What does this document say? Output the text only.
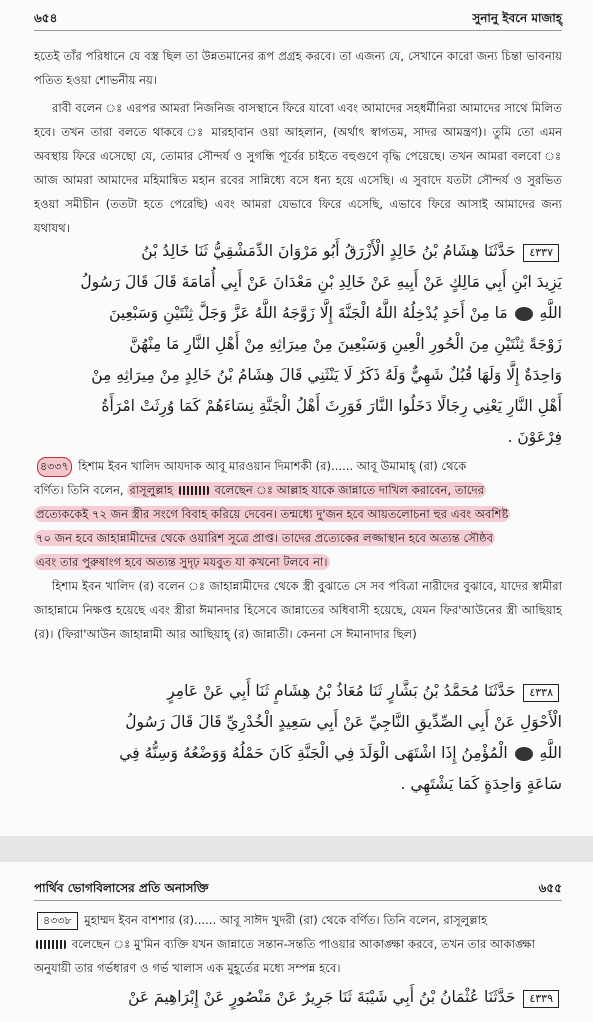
৬৫৪	সুনানু ইবনে মাজাহ্‌
হতেই তাঁর পরিধানে যে বস্ত্র ছিল তা উন্নতমানের রূপ প্রগ্রহ করবে। তা এজন্য যে, সেখানে কারো জন্য চিন্তা ভাবনায় পতিত হওয়া শোভনীয় নয়।
রাবী বলেন ঃ এরপর আমরা নিজনিজ বাসস্থানে ফিরে যাবো এবং আমাদের সহধর্মীনিরা আমাদের সাথে মিলিত হবে। তখন তারা বলতে থাকবে ঃ মারহাবান ওয়া আহলান, (অর্থাৎ স্বাগতম, সাদর আমন্ত্রণ)। তুমি তো এমন অবস্থায় ফিরে এসেছো যে, তোমার সৌন্দর্য ও সুগন্ধি পূর্বের চাইতে বহুগুণে বৃদ্ধি পেয়েছে। তখন আমরা বলবো ঃ আজ আমরা আমাদের মহিমান্বিত মহান রবের সান্নিধ্যে বসে ধন্য হয়ে এসেছি। এ সুবাদে যতটা সৌন্দর্য ও সুরভিত হওয়া সমীচীন (ততটা হতে পেরেছি) এবং আমরা যেভাবে ফিরে এসেছি, এভাবে ফিরে আসাই আমাদের জন্য যথাযথ।
٤٣٣٧ حَدَّثَنَا هِشَامُ بْنُ خَالِدٍ الْأَزْرَقُ أَبُو مَرْوَانَ الدِّمَشْقِيُّ ثَنَا خَالِدُ بْنُ
يَزِيدَ ابْنِ أَبِي مَالِكٍ عَنْ أَبِيهِ عَنْ خَالِدِ بْنِ مَعْدَانَ عَنْ أَبِي أُمَامَةَ قَالَ قَالَ رَسُولُ
اللَّهِ  مَا مِنْ أَحَدٍ يُدْخِلُهُ اللَّهُ الْجَنَّةَ إِلَّا زَوَّجَهُ اللَّهُ عَزَّ وَجَلَّ ثِنْتَيْنِ وَسَبْعِينَ
زَوْجَةً ثِنْتَيْنِ مِنَ الْحُورِ الْعِينِ وَسَبْعِينَ مِنْ مِيرَاثِهِ مِنْ أَهْلِ النَّارِ مَا مِنْهُنَّ
وَاحِدَةٌ إِلَّا وَلَهَا قُبُلٌ شَهِيٌّ وَلَهُ ذَكَرٌ لَا يَنْثَنِي قَالَ هِشَامُ بْنُ خَالِدٍ مِنْ مِيرَاثِهِ مِنْ
أَهْلِ النَّارِ يَعْنِي رِجَالًا دَخَلُوا النَّارَ فَوَرِثَ أَهْلُ الْجَنَّةِ نِسَاءَهُمْ كَمَا وُرِثَتْ امْرَأَةُ
فِرْعَوْنَ .
৪৩৩৭ হিশাম ইবন খালিদ আযদাক আবূ মারওয়ান দিমাশকী (র)...... আবূ উমামাহ্‌ (রা) থেকে
বর্ণিত। তিনি বলেন, রাসূলুল্লাহ	বলেছেন ঃ আল্লাহ যাকে জান্নাতে দাখিল করাবেন, তাদের
প্রত্যেককেই ৭২ জন স্ত্রীর সংগে বিবাহ করিয়ে দেবেন। তন্মধ্যে দু'জন হবে আয়তলোচনা হুর এবং অবশিষ্ট
৭০ জন হবে জাহান্নামীদের থেকে ওয়ারিশ সূত্রে প্রাপ্ত। তাদের প্রত্যেকের লজ্জাস্থান হবে অত্যন্ত সৌষ্ঠব
এবং তার পুরুষাংগ হবে অত্যন্ত সুদৃঢ় মযবুত যা কখনো টলবে না।
হিশাম ইবন খালিদ (র) বলেন ঃ জাহান্নামীদের থেকে স্ত্রী বুঝাতে সে সব পবিত্রা নারীদের বুঝাবে, যাদের স্বামীরা জাহান্নামে নিক্ষপ্ত হয়েছে এবং স্ত্রীরা ঈমানদার হিসেবে জান্নাতের অধিবাসী হয়েছে, যেমন ফির'আউনের স্ত্রী আছিয়াহ (র)। (ফিরা'আউন জাহান্নামী আর আছিয়াহ্‌ (র) জান্নাতী। কেননা সে ঈমানাদার ছিল)
٤٣٣٨ حَدَّثَنَا مُحَمَّدُ بْنُ بَشَّارٍ ثَنَا مُعَاذُ بْنُ هِشَامٍ ثَنَا أَبِي عَنْ عَامِرٍ
الْأَحْوَلِ عَنْ أَبِي الصِّدِّيقِ النَّاجِيِّ عَنْ أَبِي سَعِيدٍ الْخُدْرِيِّ قَالَ قَالَ رَسُولُ
اللَّهِ  الْمُؤْمِنُ إِذَا اشْتَهَى الْوَلَدَ فِي الْجَنَّةِ كَانَ حَمْلُهُ وَوَضْعُهُ وَسِنُّهُ فِي
سَاعَةٍ وَاحِدَةٍ كَمَا يَشْتَهِي .
পার্থিব ভোগবিলাসের প্রতি অনাসক্তি	৬৫৫
৪৩৩৮ মুহাম্মদ ইবন বাশশার (র)...... আবূ সাঈদ খুদরী (রা) থেকে বর্ণিত। তিনি বলেন, রাসূলুল্লাহ
বলেছেন ঃ মু'মিন ব্যক্তি যখন জান্নাতে সন্তান-সন্ততি পাওয়ার আকাঙ্ক্ষা করবে, তখন তার আকাঙ্ক্ষা
অনুযায়ী তার গর্ভধারণ ও গর্ভ খালাস এক মুহূর্তের মধ্যে সম্পন্ন হবে।
٤٣٣٩ حَدَّثَنَا عُثْمَانُ بْنُ أَبِي شَيْبَةَ ثَنَا جَرِيرٌ عَنْ مَنْصُورٍ عَنْ إِبْرَاهِيمَ عَنْ
